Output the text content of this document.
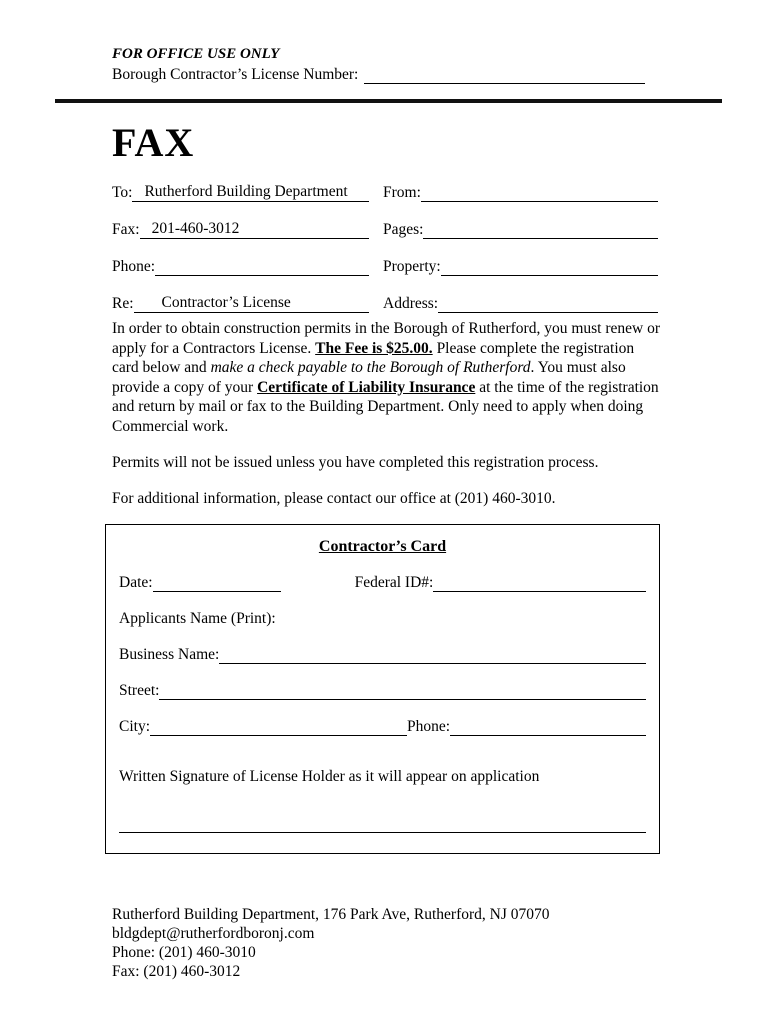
FOR OFFICE USE ONLY
Borough Contractor’s License Number:
FAX
To: Rutherford Building Department	From:
Fax: 201-460-3012	Pages:
Phone:	Property:
Re:	Contractor’s License	Address:
In order to obtain construction permits in the Borough of Rutherford, you must renew or apply for a Contractors License. The Fee is $25.00. Please complete the registration card below and make a check payable to the Borough of Rutherford. You must also provide a copy of your Certificate of Liability Insurance at the time of the registration and return by mail or fax to the Building Department. Only need to apply when doing Commercial work.
Permits will not be issued unless you have completed this registration process.
For additional information, please contact our office at (201) 460-3010.
Contractor’s Card
Date:	Federal ID#:
Applicants Name (Print):
Business Name:
Street:
City:	Phone:
Written Signature of License Holder as it will appear on application
Rutherford Building Department, 176 Park Ave, Rutherford, NJ 07070
bldgdept@rutherfordboronj.com
Phone: (201) 460-3010
Fax: (201) 460-3012
